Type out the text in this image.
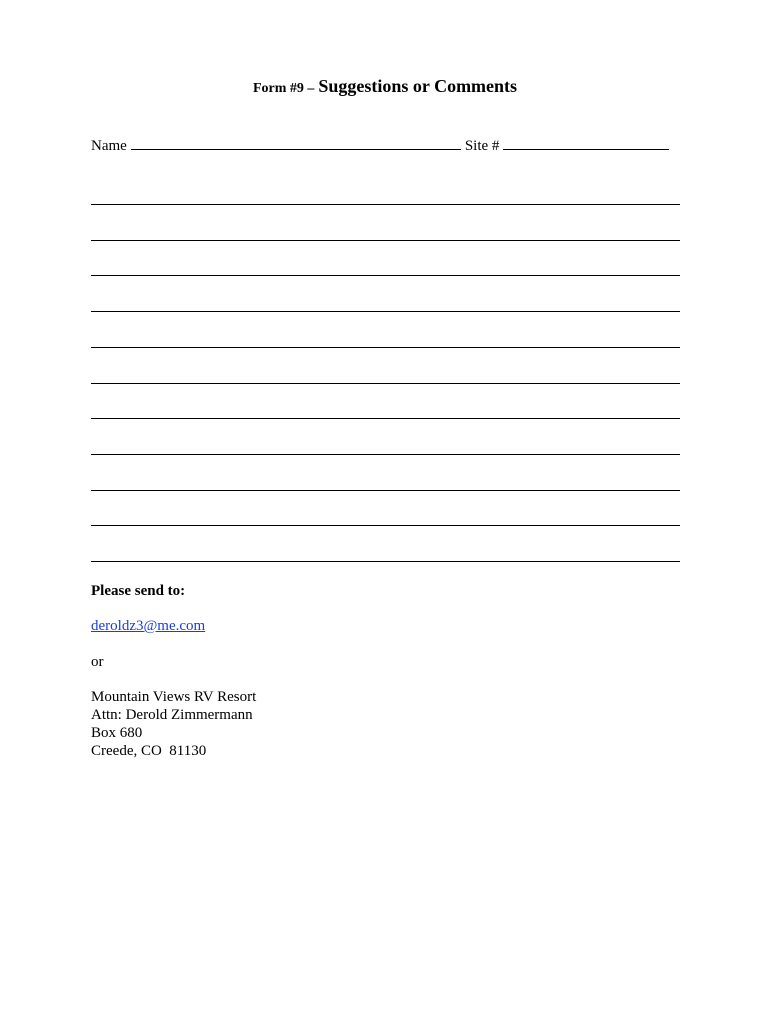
Form #9 – Suggestions or Comments
Name	Site #

Please send to:

deroldz3@me.com
or
Mountain Views RV Resort
Attn: Derold Zimmermann
Box 680
Creede, CO  81130
